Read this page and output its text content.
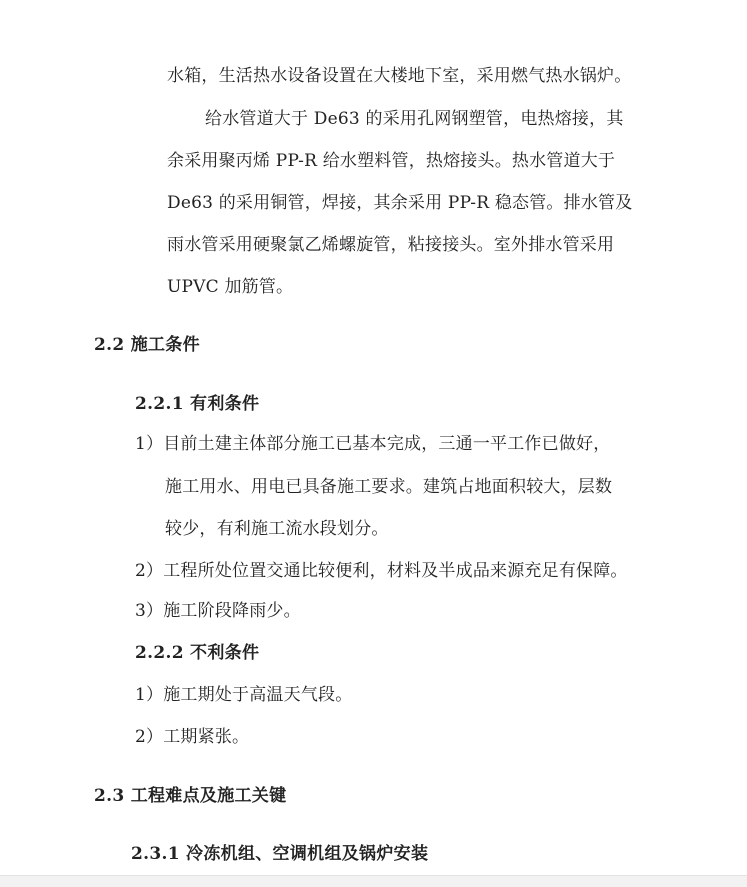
水箱，生活热水设备设置在大楼地下室，采用燃气热水锅炉。
给水管道大于 De63 的采用孔网钢塑管，电热熔接，其
余采用聚丙烯 PP-R 给水塑料管，热熔接头。热水管道大于
De63 的采用铜管，焊接，其余采用 PP-R 稳态管。排水管及
雨水管采用硬聚氯乙烯螺旋管，粘接接头。室外排水管采用
UPVC 加筋管。
2.2 施工条件
2.2.1 有利条件
1）目前土建主体部分施工已基本完成，三通一平工作已做好，
施工用水、用电已具备施工要求。建筑占地面积较大，层数
较少，有利施工流水段划分。
2）工程所处位置交通比较便利，材料及半成品来源充足有保障。
3）施工阶段降雨少。
2.2.2 不利条件
1）施工期处于高温天气段。
2）工期紧张。
2.3 工程难点及施工关键
2.3.1 冷冻机组、空调机组及锅炉安装
